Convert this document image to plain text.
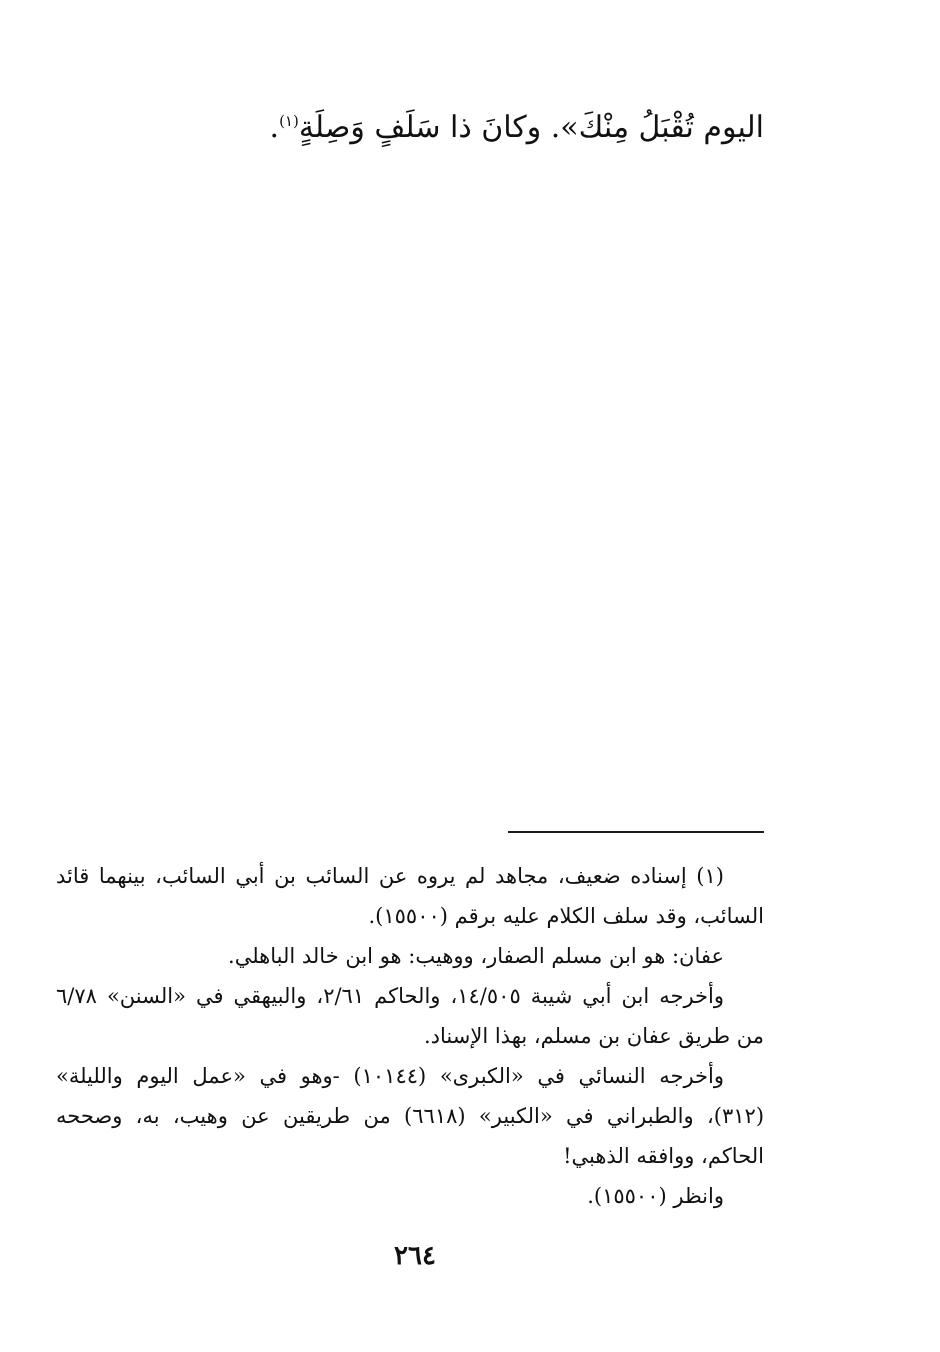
اليوم تُقْبَلُ مِنْكَ». وكانَ ذا سَلَفٍ وَصِلَةٍ$^{(١)}$.

(١) إسناده ضعيف، مجاهد لم يروه عن السائب بن أبي السائب، بينهما قائد السائب، وقد سلف الكلام عليه برقم (١٥٥٠٠).

عفان: هو ابن مسلم الصفار، ووهيب: هو ابن خالد الباهلي.

وأخرجه ابن أبي شيبة ١٤/٥٠٥، والحاكم ٢/٦١، والبيهقي في «السنن» ٦/٧٨ من طريق عفان بن مسلم، بهذا الإسناد.

وأخرجه النسائي في «الكبرى» (١٠١٤٤) -وهو في «عمل اليوم والليلة» (٣١٢)، والطبراني في «الكبير» (٦٦١٨) من طريقين عن وهيب، به، وصححه الحاكم، ووافقه الذهبي!

وانظر (١٥٥٠٠).

٢٦٤
